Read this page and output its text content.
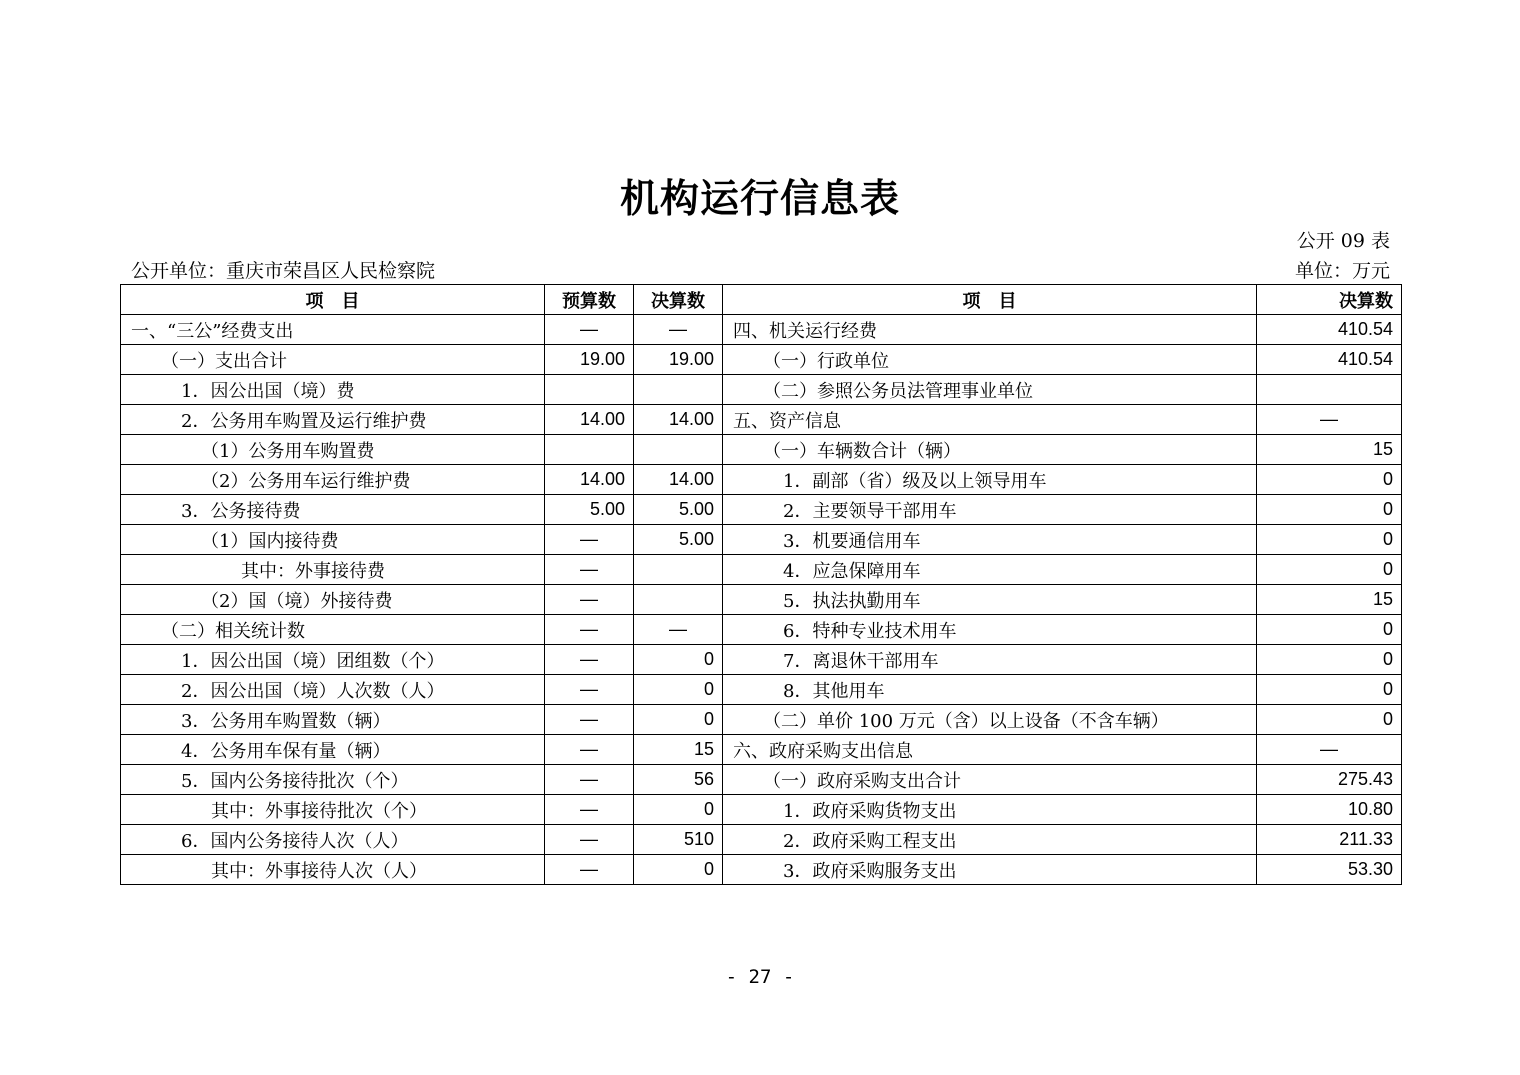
机构运行信息表
公开 09 表
公开单位：重庆市荣昌区人民检察院	单位：万元
项　目	预算数	决算数	项　目	决算数
一、“三公”经费支出	—	—	四、机关运行经费	410.54
（一）支出合计	19.00	19.00	（一）行政单位	410.54
1．因公出国（境）费			（二）参照公务员法管理事业单位	
2．公务用车购置及运行维护费	14.00	14.00	五、资产信息	—
（1）公务用车购置费			（一）车辆数合计（辆）	15
（2）公务用车运行维护费	14.00	14.00	1．副部（省）级及以上领导用车	0
3．公务接待费	5.00	5.00	2．主要领导干部用车	0
（1）国内接待费	—	5.00	3．机要通信用车	0
其中：外事接待费	—		4．应急保障用车	0
（2）国（境）外接待费	—		5．执法执勤用车	15
（二）相关统计数	—	—	6．特种专业技术用车	0
1．因公出国（境）团组数（个）	—	0	7．离退休干部用车	0
2．因公出国（境）人次数（人）	—	0	8．其他用车	0
3．公务用车购置数（辆）	—	0	（二）单价 100 万元（含）以上设备（不含车辆）	0
4．公务用车保有量（辆）	—	15	六、政府采购支出信息	—
5．国内公务接待批次（个）	—	56	（一）政府采购支出合计	275.43
其中：外事接待批次（个）	—	0	1．政府采购货物支出	10.80
6．国内公务接待人次（人）	—	510	2．政府采购工程支出	211.33
其中：外事接待人次（人）	—	0	3．政府采购服务支出	53.30
- 27 -
